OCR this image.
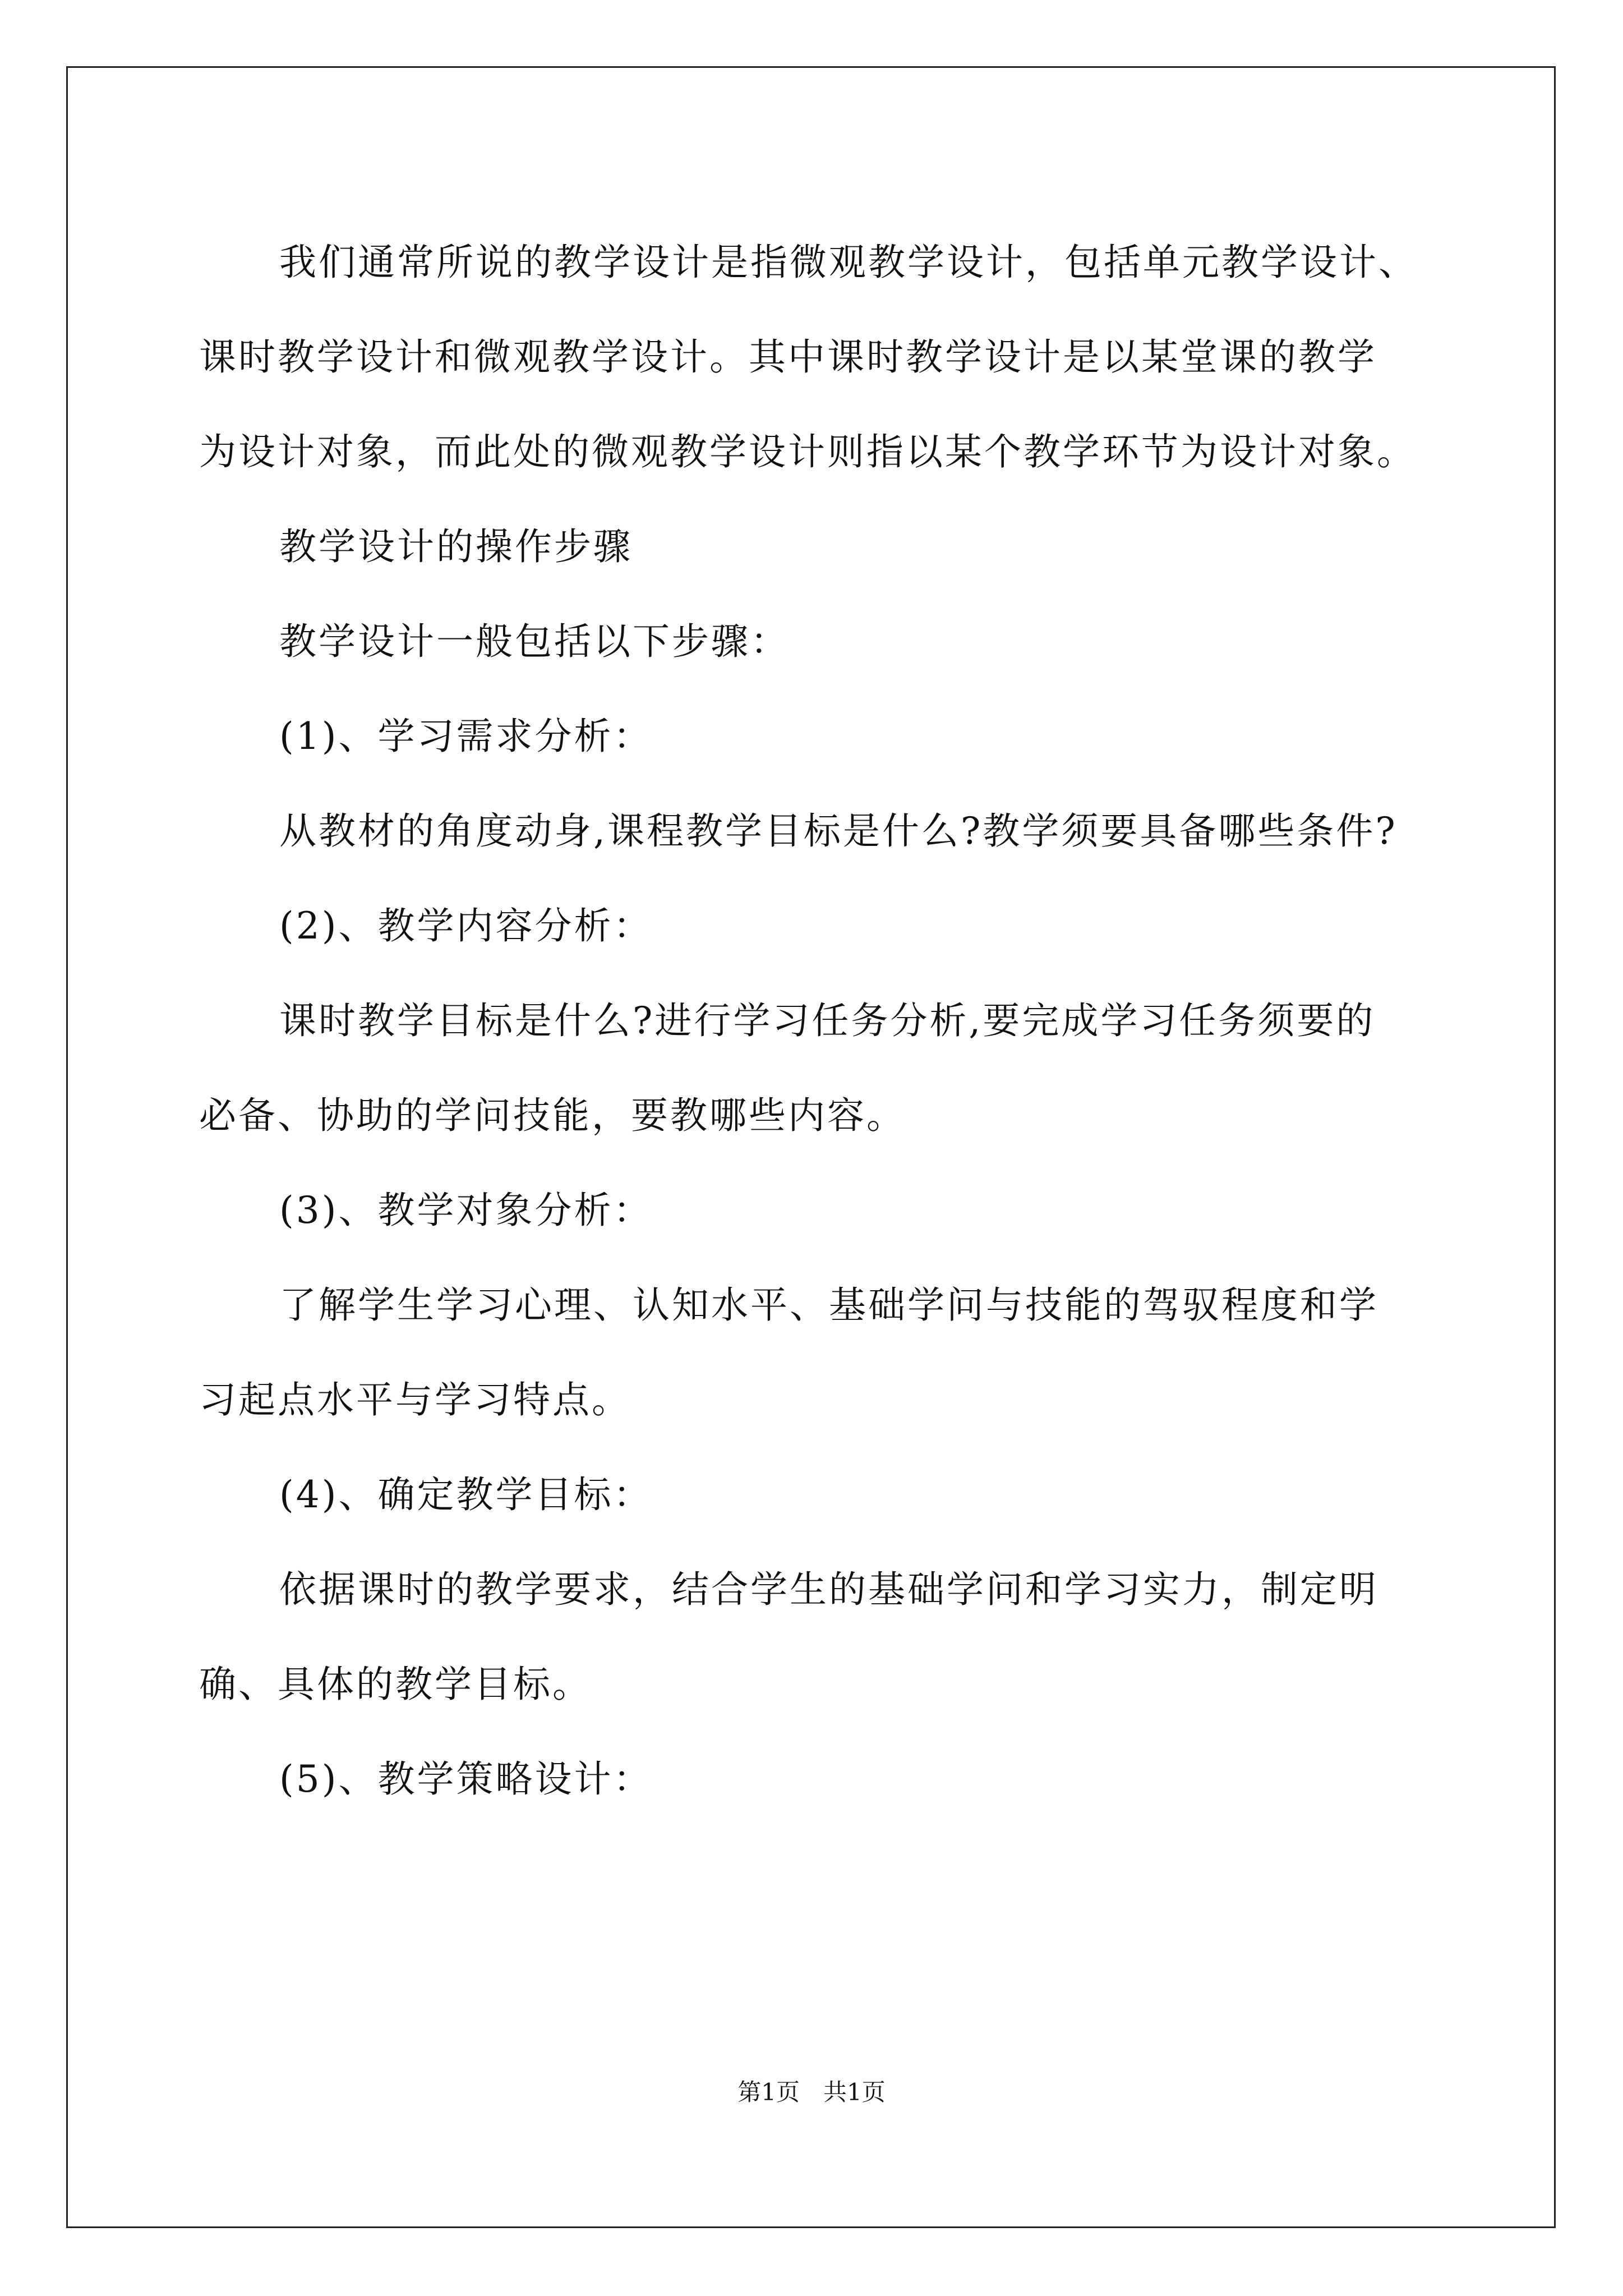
我们通常所说的教学设计是指微观教学设计，包括单元教学设计、

课时教学设计和微观教学设计。其中课时教学设计是以某堂课的教学

为设计对象，而此处的微观教学设计则指以某个教学环节为设计对象。

教学设计的操作步骤

教学设计一般包括以下步骤：

(1)、学习需求分析：

从教材的角度动身,课程教学目标是什么?教学须要具备哪些条件?

(2)、教学内容分析：

课时教学目标是什么?进行学习任务分析,要完成学习任务须要的

必备、协助的学问技能，要教哪些内容。

(3)、教学对象分析：

了解学生学习心理、认知水平、基础学问与技能的驾驭程度和学

习起点水平与学习特点。

(4)、确定教学目标：

依据课时的教学要求，结合学生的基础学问和学习实力，制定明

确、具体的教学目标。

(5)、教学策略设计：

第1页　共1页
